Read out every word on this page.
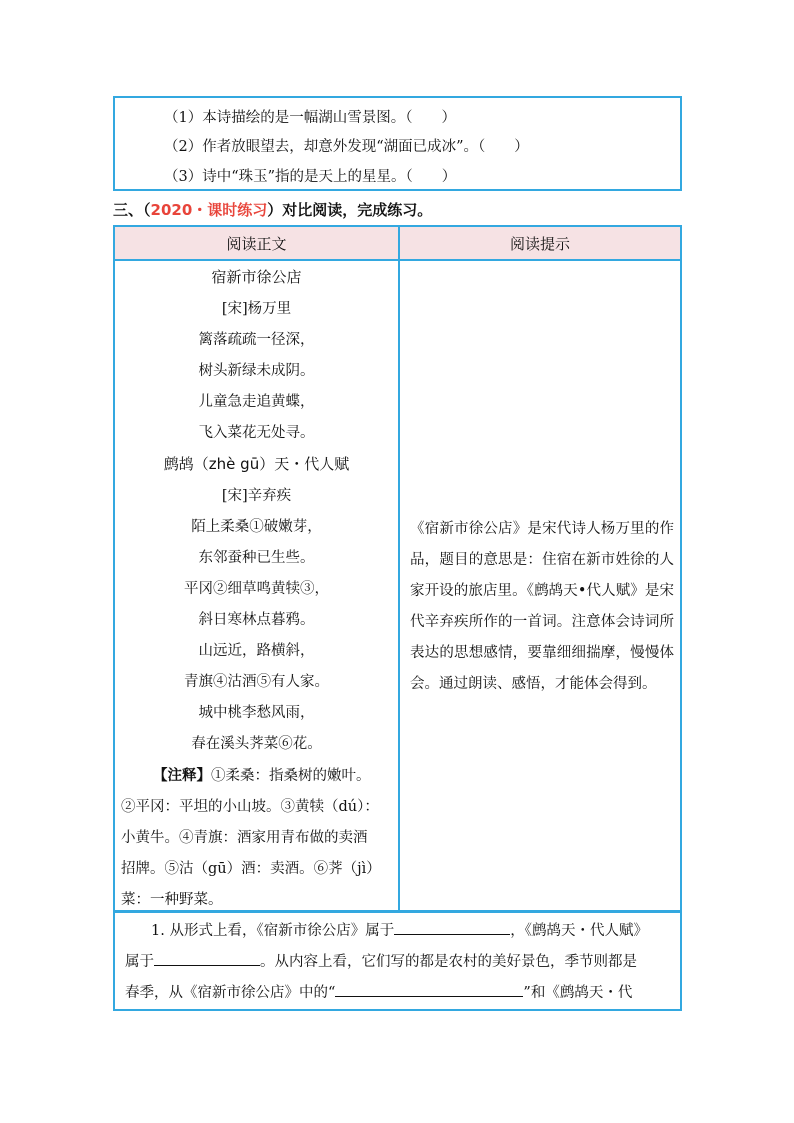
（1）本诗描绘的是一幅湖山雪景图。（　　）
（2）作者放眼望去，却意外发现“湖面已成冰”。（　　）
（3）诗中“珠玉”指的是天上的星星。（　　）
三、（2020・课时练习）对比阅读，完成练习。
阅读正文	阅读提示
宿新市徐公店
[宋]杨万里
篱落疏疏一径深，
树头新绿未成阴。
儿童急走追黄蝶，
飞入菜花无处寻。
鹧鸪（zhè gū）天・代人赋
[宋]辛弃疾
陌上柔桑①破嫩芽，
东邻蚕种已生些。
平冈②细草鸣黄犊③，
斜日寒林点暮鸦。
山远近，路横斜，
青旗④沽酒⑤有人家。
城中桃李愁风雨，
春在溪头荠菜⑥花。
【注释】①柔桑：指桑树的嫩叶。
②平冈：平坦的小山坡。③黄犊（dú）：
小黄牛。④青旗：酒家用青布做的卖酒
招牌。⑤沽（gū）酒：卖酒。⑥荠（jì）
菜：一种野菜。
《宿新市徐公店》是宋代诗人杨万里的作品，题目的意思是：住宿在新市姓徐的人家开设的旅店里。《鹧鸪天•代人赋》是宋代辛弃疾所作的一首词。注意体会诗词所表达的思想感情，要靠细细揣摩，慢慢体会。通过朗读、感悟，才能体会得到。
1. 从形式上看，《宿新市徐公店》属于	，《鹧鸪天・代人赋》
属于	。从内容上看，它们写的都是农村的美好景色，季节则都是
春季，从《宿新市徐公店》中的“	”和《鹧鸪天・代
